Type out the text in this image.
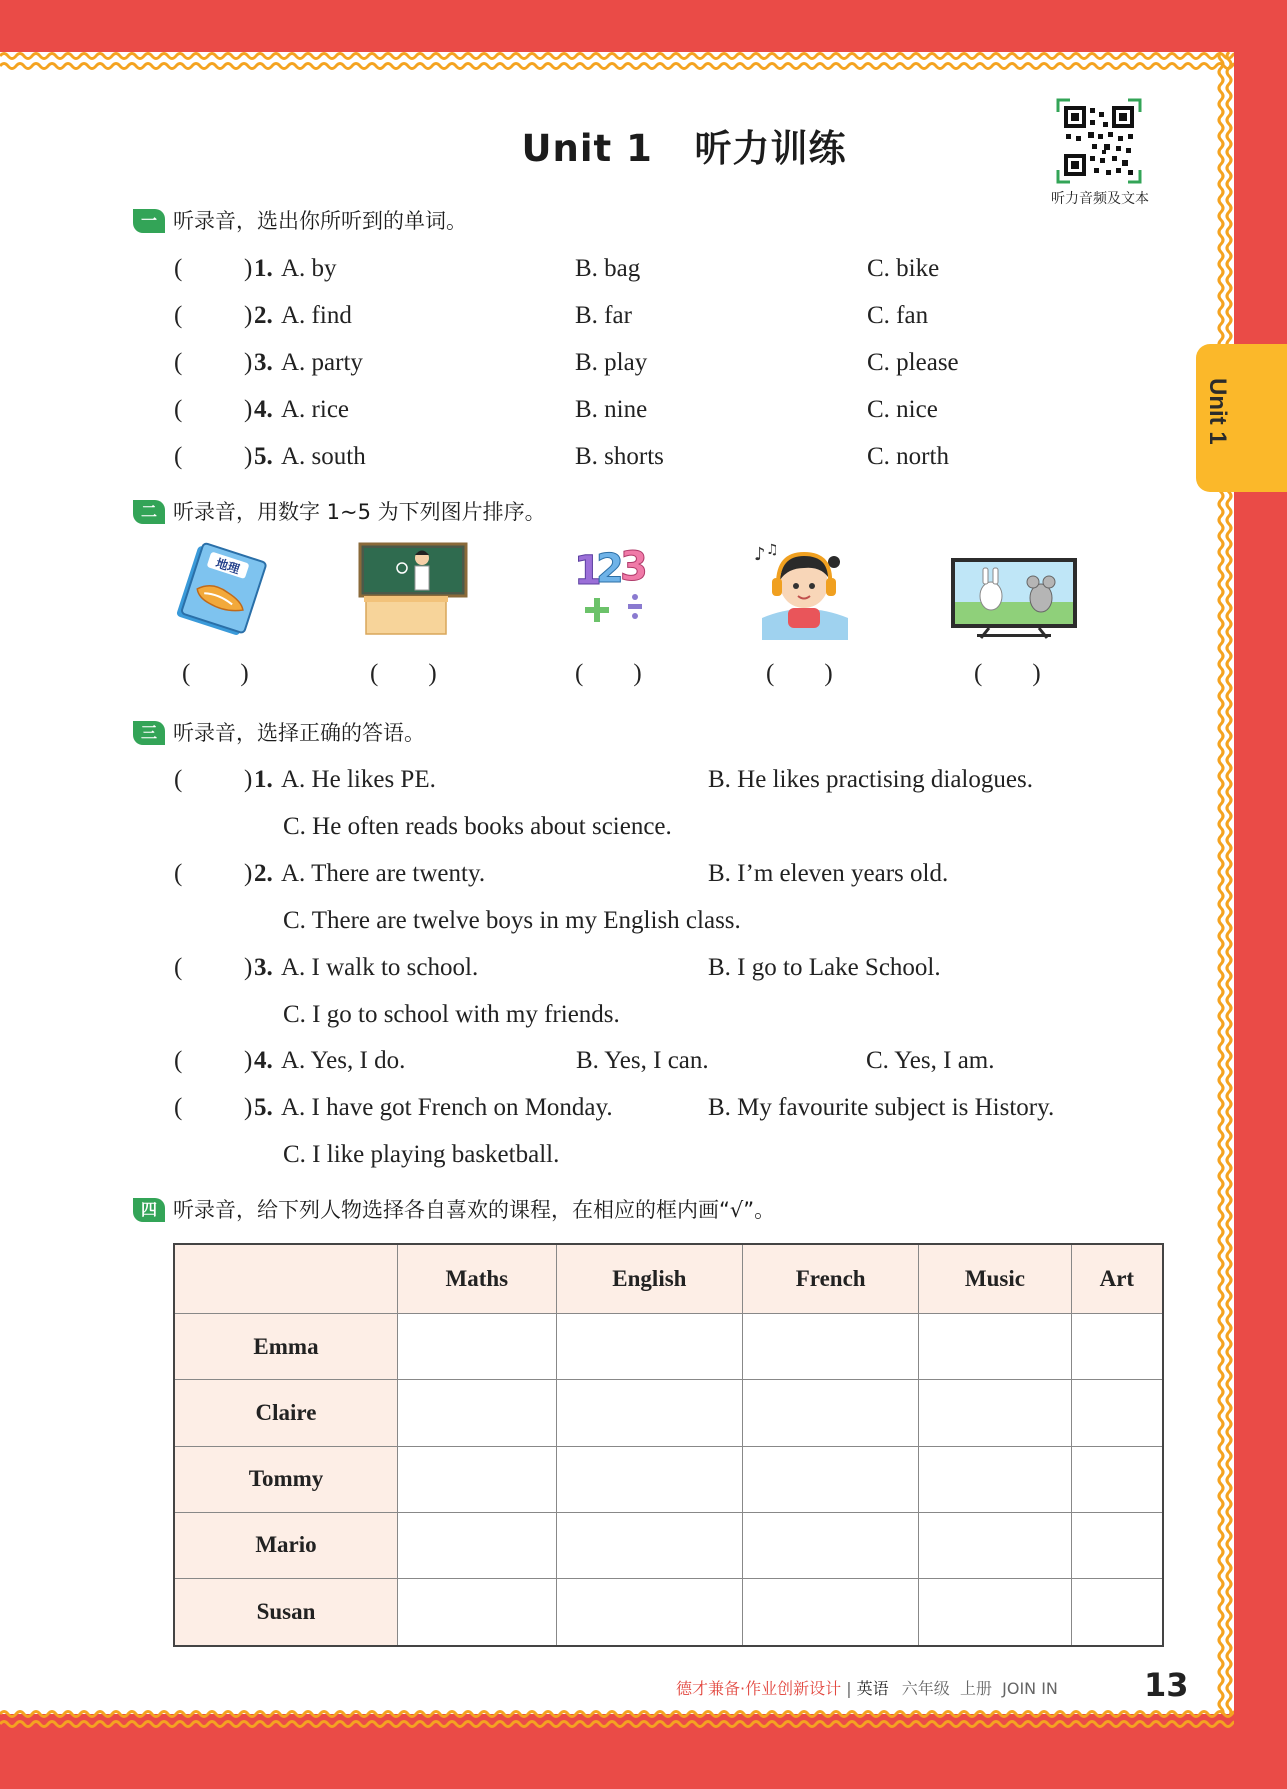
Unit 1
Unit 1   听力训练
听力音频及文本
一 听录音，选出你所听到的单词。
( ) 1. A. by	B. bag	C. bike
( ) 2. A. find	B. far	C. fan
( ) 3. A. party	B. play	C. please
( ) 4. A. rice	B. nine	C. nice
( ) 5. A. south	B. shorts	C. north
二 听录音，用数字 1~5 为下列图片排序。
地理	1
2
3	♪ ♫
( )	( )	( )	( )	( )
三 听录音，选择正确的答语。
( ) 1. A. He likes PE.	B. He likes practising dialogues.
C. He often reads books about science.
( ) 2. A. There are twenty.	B. I’m eleven years old.
C. There are twelve boys in my English class.
( ) 3. A. I walk to school.	B. I go to Lake School.
C. I go to school with my friends.
( ) 4. A. Yes, I do.	B. Yes, I can.	C. Yes, I am.
( ) 5. A. I have got French on Monday.	B. My favourite subject is History.
C. I like playing basketball.
四 听录音，给下列人物选择各自喜欢的课程，在相应的框内画“√”。
	Maths	English	French	Music	Art
Emma					
Claire					
Tommy					
Mario					
Susan					
德才兼备·作业创新设计 | 英语 六年级  上册  JOIN IN	13
